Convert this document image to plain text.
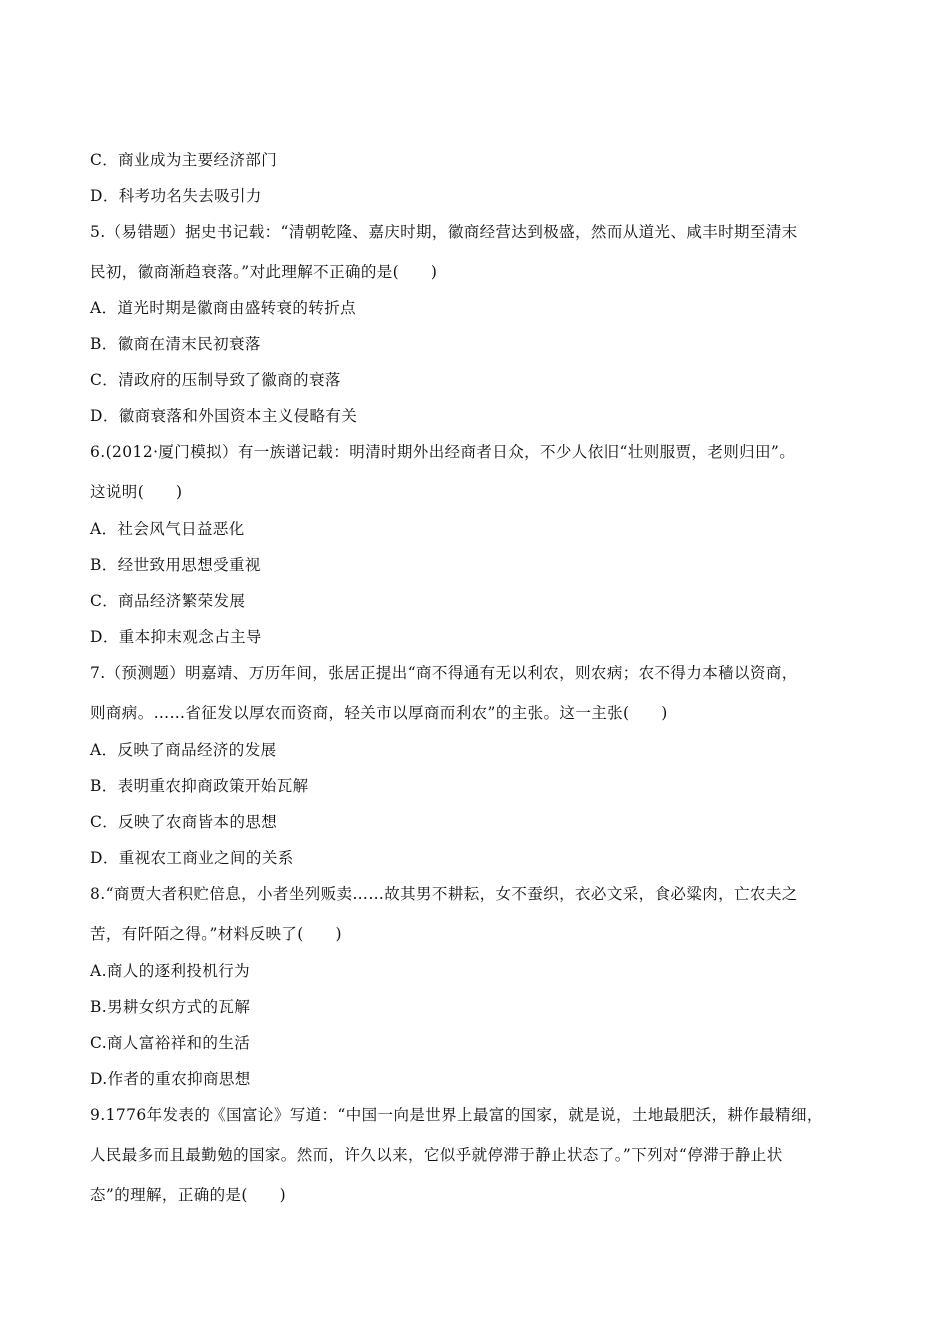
C．商业成为主要经济部门
D．科考功名失去吸引力
5.（易错题）据史书记载：“清朝乾隆、嘉庆时期，徽商经营达到极盛，然而从道光、咸丰时期至清末
民初，徽商渐趋衰落。”对此理解不正确的是(　　)
A．道光时期是徽商由盛转衰的转折点
B．徽商在清末民初衰落
C．清政府的压制导致了徽商的衰落
D．徽商衰落和外国资本主义侵略有关
6.(2012·厦门模拟）有一族谱记载：明清时期外出经商者日众，不少人依旧“壮则服贾，老则归田”。
这说明(　　)
A．社会风气日益恶化
B．经世致用思想受重视
C．商品经济繁荣发展
D．重本抑末观念占主导
7.（预测题）明嘉靖、万历年间，张居正提出“商不得通有无以利农，则农病；农不得力本穑以资商，
则商病。……省征发以厚农而资商，轻关市以厚商而利农”的主张。这一主张(　　)
A．反映了商品经济的发展
B．表明重农抑商政策开始瓦解
C．反映了农商皆本的思想
D．重视农工商业之间的关系
8.“商贾大者积贮倍息，小者坐列贩卖……故其男不耕耘，女不蚕织，衣必文采，食必粱肉，亡农夫之
苦，有阡陌之得。”材料反映了(　　)
A.商人的逐利投机行为
B.男耕女织方式的瓦解
C.商人富裕祥和的生活
D.作者的重农抑商思想
9.1776年发表的《国富论》写道：“中国一向是世界上最富的国家，就是说，土地最肥沃，耕作最精细，
人民最多而且最勤勉的国家。然而，许久以来，它似乎就停滞于静止状态了。”下列对“停滞于静止状
态”的理解，正确的是(　　)
